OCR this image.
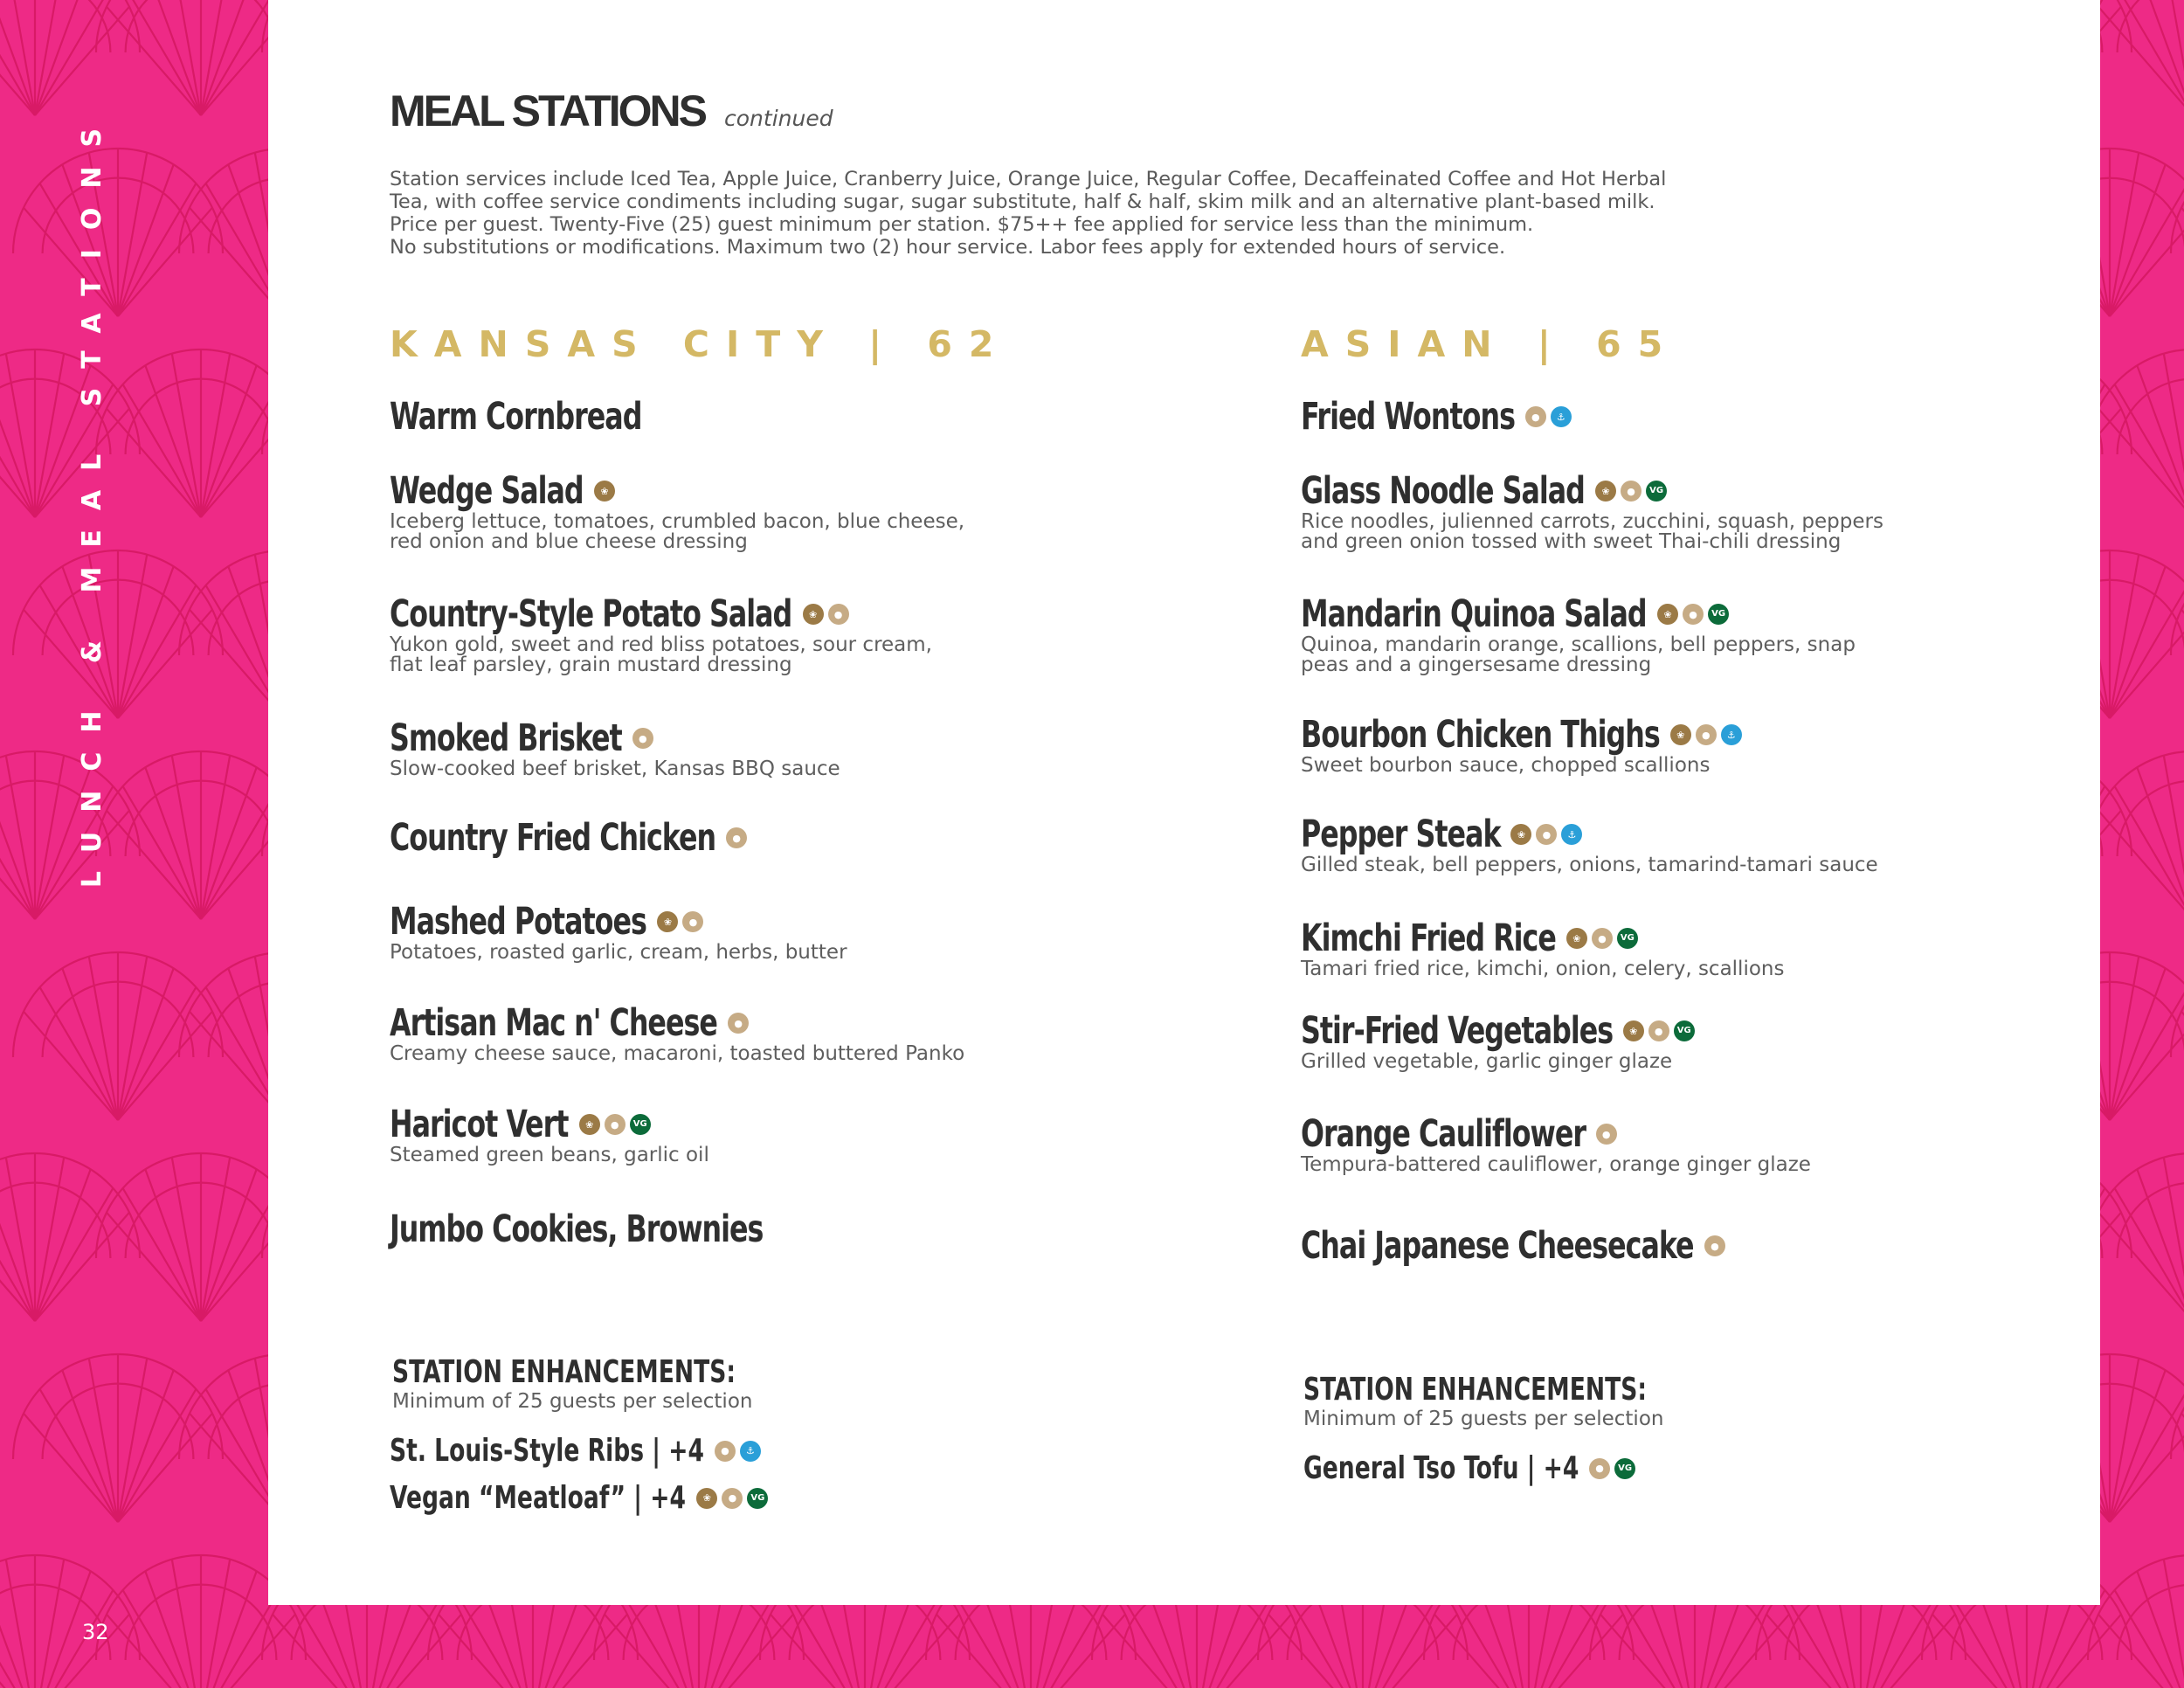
LUNCH & MEAL STATIONS
32
MEAL STATIONS continued
Station services include Iced Tea, Apple Juice, Cranberry Juice, Orange Juice, Regular Coffee, Decaffeinated Coffee and Hot Herbal
Tea, with coffee service condiments including sugar, sugar substitute, half & half, skim milk and an alternative plant-based milk.
Price per guest. Twenty-Five (25) guest minimum per station. $75++ fee applied for service less than the minimum.
No substitutions or modifications. Maximum two (2) hour service. Labor fees apply for extended hours of service.
KANSAS CITY | 62	ASIAN | 65
Warm Cornbread
Wedge Salad	❀
Iceberg lettuce, tomatoes, crumbled bacon, blue cheese,
red onion and blue cheese dressing
Country-Style Potato Salad	❀	●
Yukon gold, sweet and red bliss potatoes, sour cream,
flat leaf parsley, grain mustard dressing
Smoked Brisket	●
Slow-cooked beef brisket, Kansas BBQ sauce
Country Fried Chicken	●
Mashed Potatoes	❀	●
Potatoes, roasted garlic, cream, herbs, butter
Artisan Mac n' Cheese	●
Creamy cheese sauce, macaroni, toasted buttered Panko
Haricot Vert	❀	●	VG
Steamed green beans, garlic oil
Jumbo Cookies, Brownies
Fried Wontons	●	⚓
Glass Noodle Salad	❀	●	VG
Rice noodles, julienned carrots, zucchini, squash, peppers
and green onion tossed with sweet Thai-chili dressing
Mandarin Quinoa Salad	❀	●	VG
Quinoa, mandarin orange, scallions, bell peppers, snap
peas and a gingersesame dressing
Bourbon Chicken Thighs	❀	●	⚓
Sweet bourbon sauce, chopped scallions
Pepper Steak	❀	●	⚓
Gilled steak, bell peppers, onions, tamarind-tamari sauce
Kimchi Fried Rice	❀	●	VG
Tamari fried rice, kimchi, onion, celery, scallions
Stir-Fried Vegetables	❀	●	VG
Grilled vegetable, garlic ginger glaze
Orange Cauliflower	●
Tempura-battered cauliflower, orange ginger glaze
Chai Japanese Cheesecake	●
STATION ENHANCEMENTS:
Minimum of 25 guests per selection	STATION ENHANCEMENTS:
Minimum of 25 guests per selection
St. Louis-Style Ribs | +4	●	⚓
Vegan “Meatloaf” | +4	❀	●	VG
General Tso Tofu | +4	●	VG
